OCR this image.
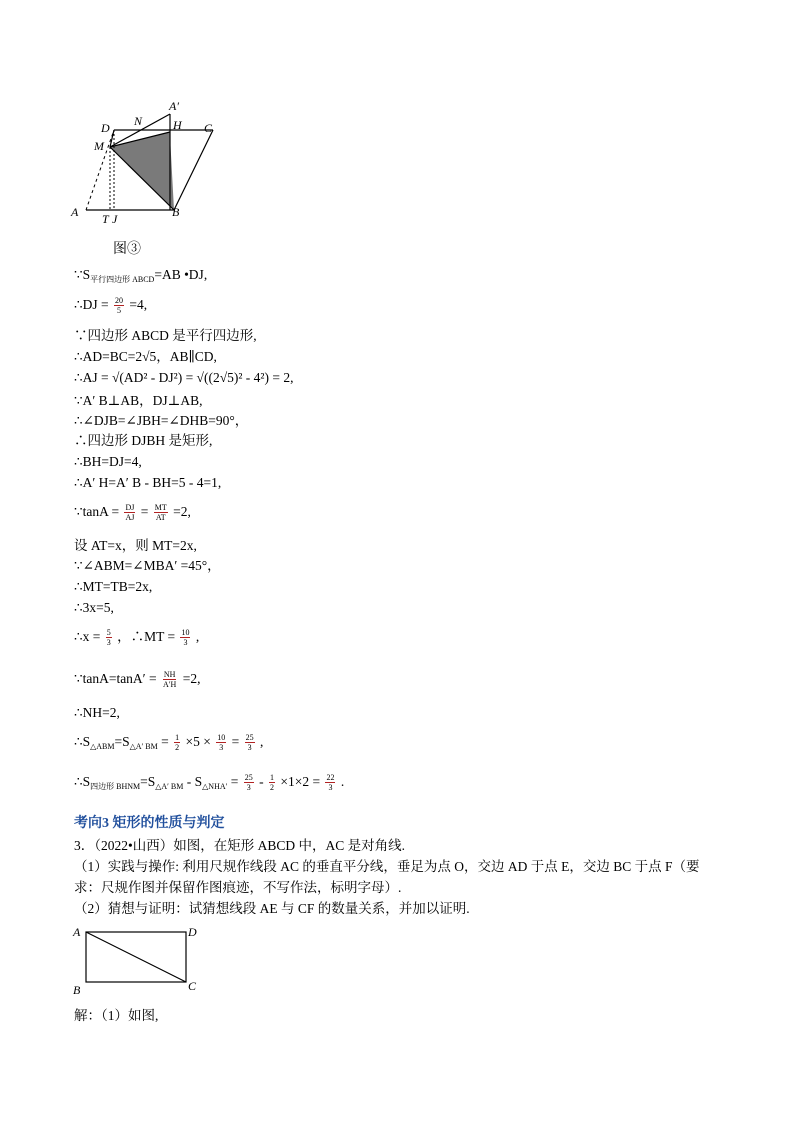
A′
N
D	H C
M
A T J	B
图③
$\because S_{平行四边形 ABCD}=AB$ •DJ,
∴DJ = $\frac{20}{5} =4$,
∵四边形 ABCD 是平行四边形,
∴AD=BC=2√5，AB∥CD,
∴AJ = √(AD² - DJ²) = √((2√5)² - 4²) = 2,
∵A′ B⊥AB，DJ⊥AB,
∴∠DJB=∠JBH=∠DHB=90°，
∴四边形 DJBH 是矩形,
∴BH=DJ=4,
∴A′ H=A′ B - BH=5 - 4=1,
∵tanA = $\frac{DJ}{AJ} = \frac{MT}{AT} =2$,
设 AT=x，则 MT=2x,
∵∠ABM=∠MBA′ =45°，
∴MT=TB=2x,
∴3x=5,
∴x = $\frac{5}{3}$ ，∴MT = $\frac{10}{3}$ ,
∵tanA=tanA′ = $\frac{NH}{A'H} =2$,
∴NH=2,
$\therefore S_{\triangle ABM}=S_{\triangle A' BM} = \frac{1}{2} \times 5 \times \frac{10}{3} = \frac{25}{3}$ ,
$\therefore S_{四边形 BHNM}=S_{\triangle A' BM} - S_{\triangle NHA'} = \frac{25}{3} - \frac{1}{2} \times 1\times 2 = \frac{22}{3}$ .
考向3 矩形的性质与判定
3．（2022•山西）如图，在矩形 ABCD 中，AC 是对角线.
（1）实践与操作: 利用尺规作线段 AC 的垂直平分线，垂足为点 O，交边 AD 于点 E，交边 BC 于点 F（要
求：尺规作图并保留作图痕迹，不写作法，标明字母）.
（2）猜想与证明：试猜想线段 AE 与 CF 的数量关系，并加以证明.
A	D
B	C
解：（1）如图,
